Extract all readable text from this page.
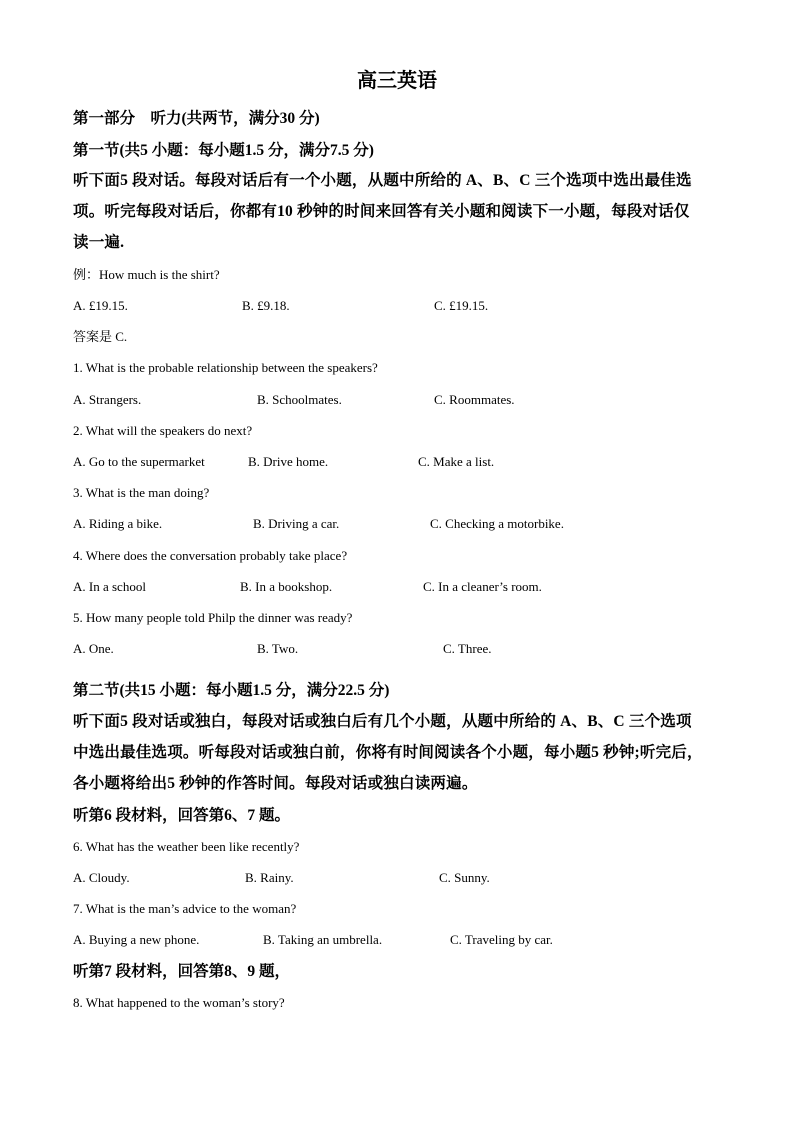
高三英语
第一部分　听力(共两节，满分30 分)
第一节(共5 小题：每小题1.5 分，满分7.5 分)
听下面5 段对话。每段对话后有一个小题，从题中所给的 A、B、C 三个选项中选出最佳选
项。听完每段对话后，你都有10 秒钟的时间来回答有关小题和阅读下一小题，每段对话仅
读一遍.
例：How much is the shirt?
A. £19.15.	B. £9.18.	C. £19.15.
答案是 C.
1. What is the probable relationship between the speakers?
A. Strangers.	B. Schoolmates.	C. Roommates.
2. What will the speakers do next?
A. Go to the supermarket	B. Drive home.	C. Make a list.
3. What is the man doing?
A. Riding a bike.	B. Driving a car.	C. Checking a motorbike.
4. Where does the conversation probably take place?
A. In a school	B. In a bookshop.	C. In a cleaner’s room.
5. How many people told Philp the dinner was ready?
A. One.	B. Two.	C. Three.
第二节(共15 小题：每小题1.5 分，满分22.5 分)
听下面5 段对话或独白，每段对话或独白后有几个小题，从题中所给的 A、B、C 三个选项
中选出最佳选项。听每段对话或独白前，你将有时间阅读各个小题，每小题5 秒钟;听完后，
各小题将给出5 秒钟的作答时间。每段对话或独白读两遍。
听第6 段材料，回答第6、7 题。
6. What has the weather been like recently?
A. Cloudy.	B. Rainy.	C. Sunny.
7. What is the man’s advice to the woman?
A. Buying a new phone.	B. Taking an umbrella.	C. Traveling by car.
听第7 段材料，回答第8、9 题，
8. What happened to the woman’s story?
